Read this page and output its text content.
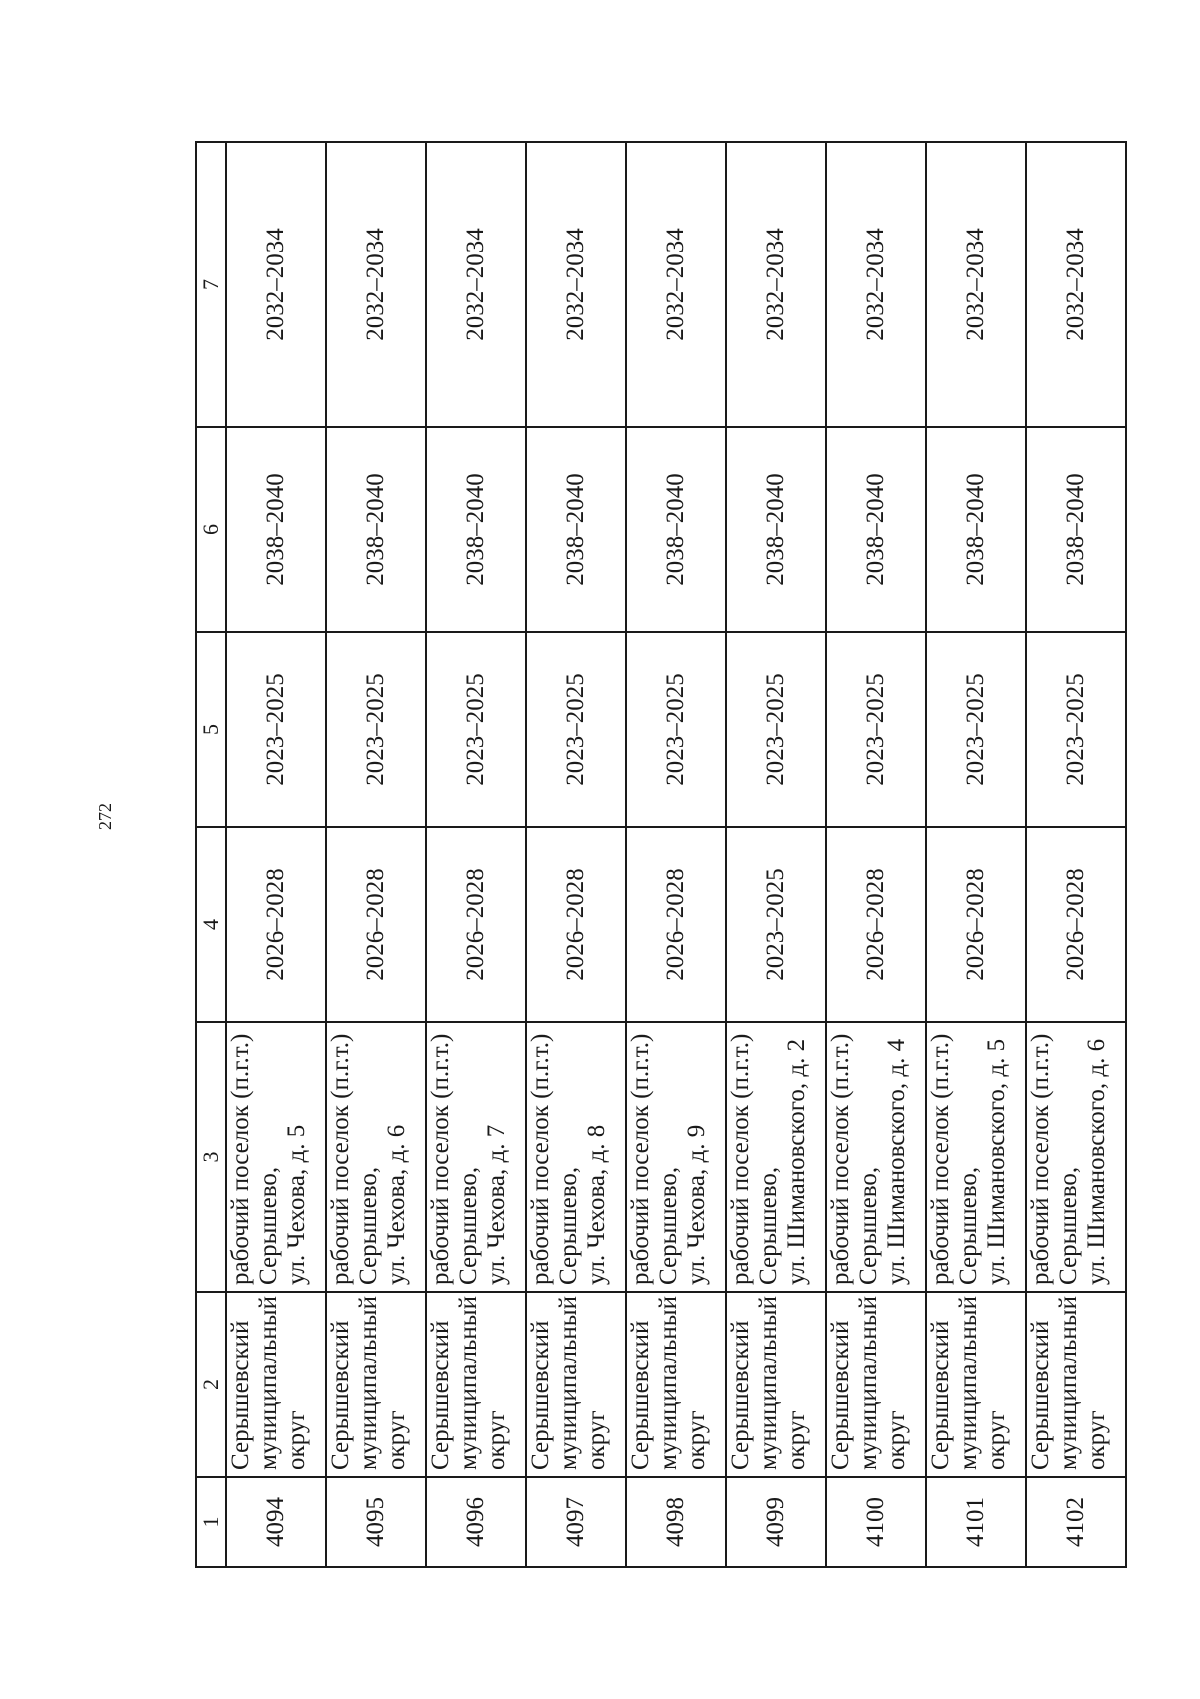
272
1	2	3	4	5	6	7
4094	Серышевский муниципальный округ	рабочий поселок (п.г.т.) Серышево, ул. Чехова, д. 5	2026–2028	2023–2025	2038–2040	2032–2034
4095	Серышевский муниципальный округ	рабочий поселок (п.г.т.) Серышево, ул. Чехова, д. 6	2026–2028	2023–2025	2038–2040	2032–2034
4096	Серышевский муниципальный округ	рабочий поселок (п.г.т.) Серышево, ул. Чехова, д. 7	2026–2028	2023–2025	2038–2040	2032–2034
4097	Серышевский муниципальный округ	рабочий поселок (п.г.т.) Серышево, ул. Чехова, д. 8	2026–2028	2023–2025	2038–2040	2032–2034
4098	Серышевский муниципальный округ	рабочий поселок (п.г.т.) Серышево, ул. Чехова, д. 9	2026–2028	2023–2025	2038–2040	2032–2034
4099	Серышевский муниципальный округ	рабочий поселок (п.г.т.) Серышево, ул. Шимановского, д. 2	2023–2025	2023–2025	2038–2040	2032–2034
4100	Серышевский муниципальный округ	рабочий поселок (п.г.т.) Серышево, ул. Шимановского, д. 4	2026–2028	2023–2025	2038–2040	2032–2034
4101	Серышевский муниципальный округ	рабочий поселок (п.г.т.) Серышево, ул. Шимановского, д. 5	2026–2028	2023–2025	2038–2040	2032–2034
4102	Серышевский муниципальный округ	рабочий поселок (п.г.т.) Серышево, ул. Шимановского, д. 6	2026–2028	2023–2025	2038–2040	2032–2034
